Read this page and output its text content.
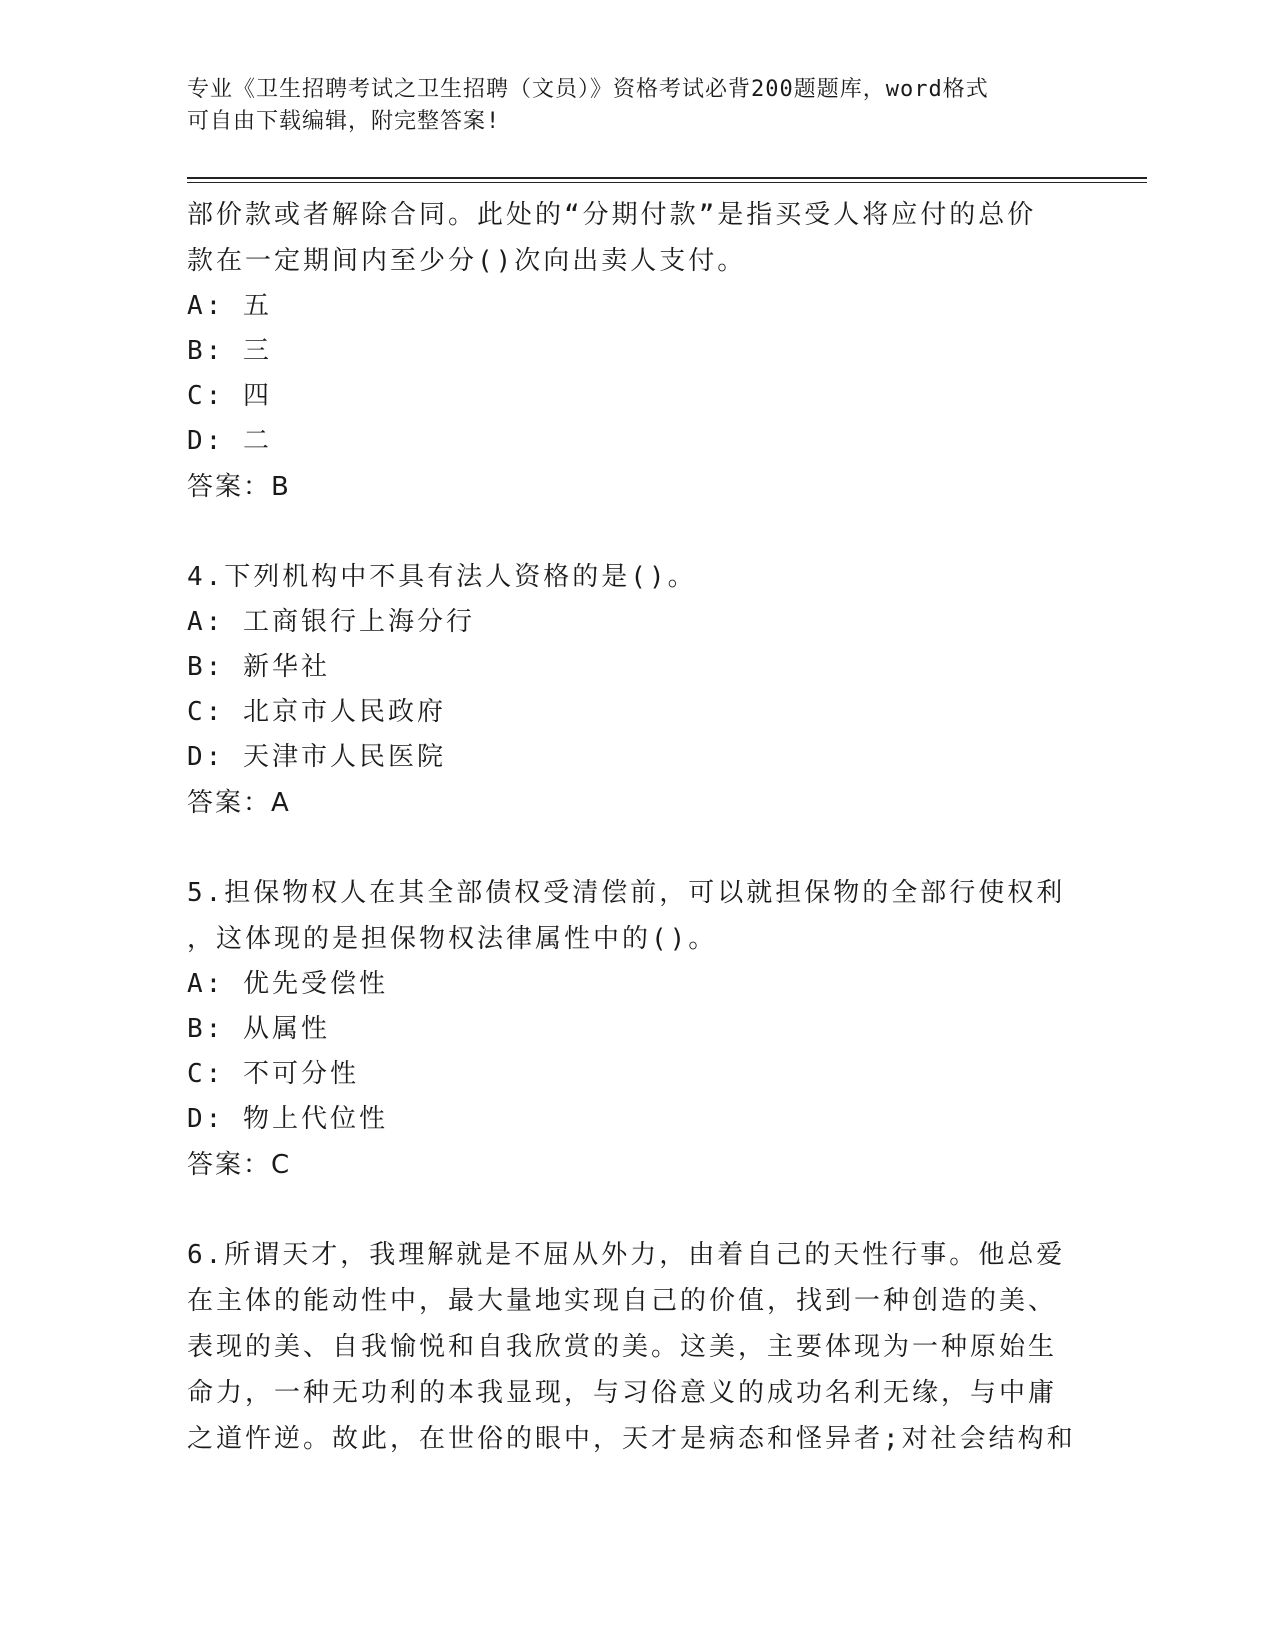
专业《卫生招聘考试之卫生招聘（文员）》资格考试必背200题题库，word格式
可自由下载编辑，附完整答案!
部价款或者解除合同。此处的“分期付款”是指买受人将应付的总价
款在一定期间内至少分()次向出卖人支付。
A: 五
B: 三
C: 四
D: 二
答案：B
4.下列机构中不具有法人资格的是()。
A: 工商银行上海分行
B: 新华社
C: 北京市人民政府
D: 天津市人民医院
答案：A
5.担保物权人在其全部债权受清偿前，可以就担保物的全部行使权利
，这体现的是担保物权法律属性中的()。
A: 优先受偿性
B: 从属性
C: 不可分性
D: 物上代位性
答案：C
6.所谓天才，我理解就是不屈从外力，由着自己的天性行事。他总爱
在主体的能动性中，最大量地实现自己的价值，找到一种创造的美、
表现的美、自我愉悦和自我欣赏的美。这美，主要体现为一种原始生
命力，一种无功利的本我显现，与习俗意义的成功名利无缘，与中庸
之道忤逆。故此，在世俗的眼中，天才是病态和怪异者;对社会结构和
